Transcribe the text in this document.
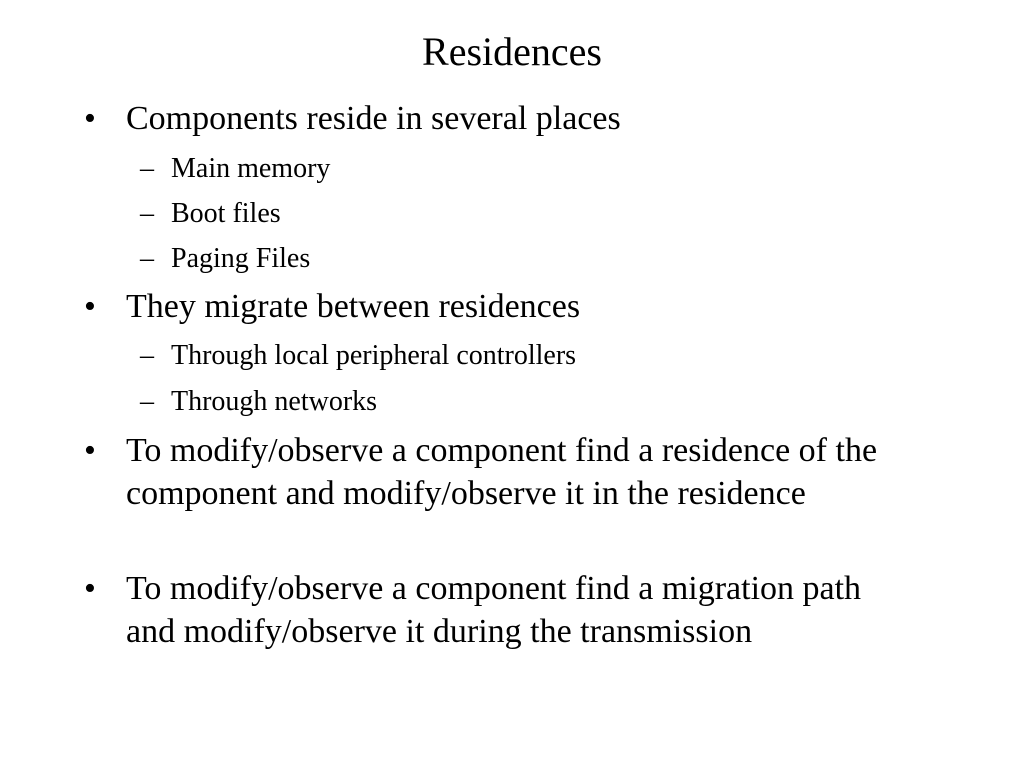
Residences
• Components reside in several places
– Main memory
– Boot files
– Paging Files
• They migrate between residences
– Through local peripheral controllers
– Through networks
• To modify/observe a component find a residence of the component and modify/observe it in the residence
• To modify/observe a component find a migration path and modify/observe it during the transmission
